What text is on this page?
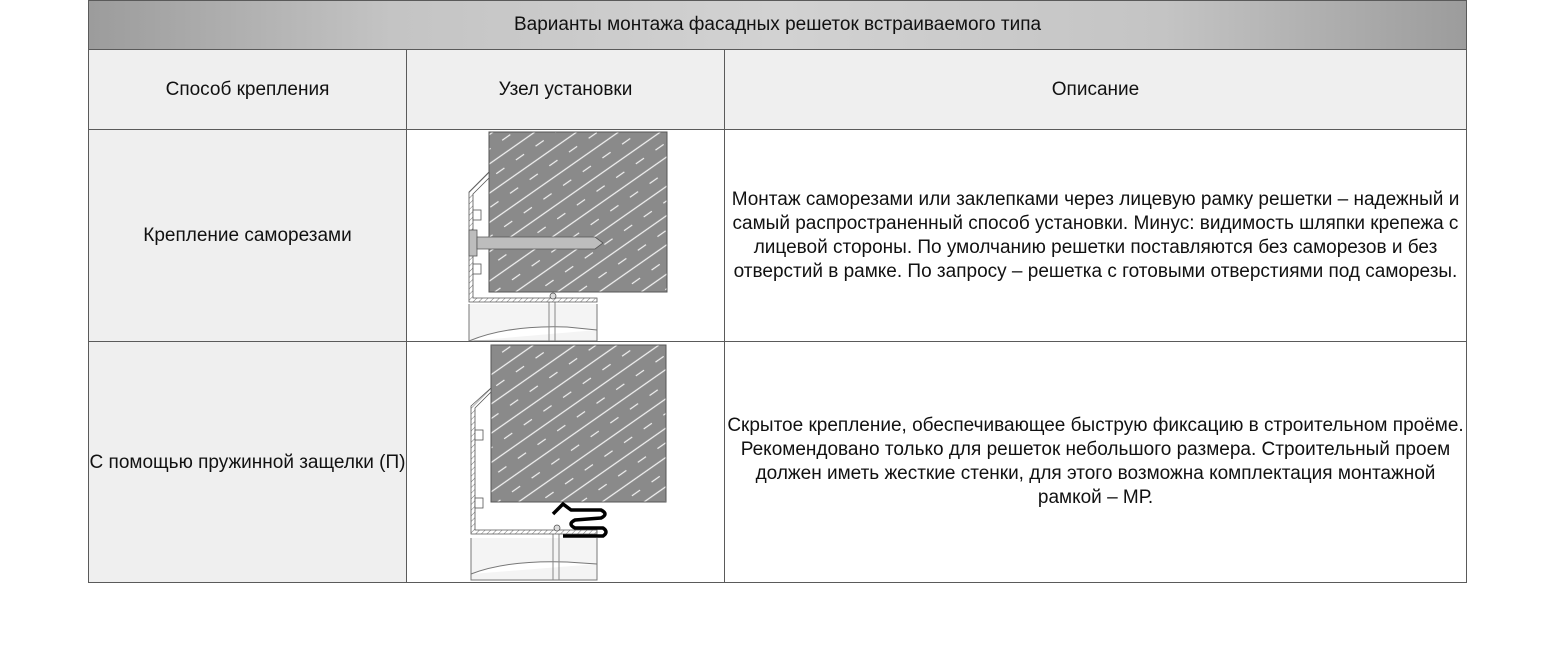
Варианты монтажа фасадных решеток встраиваемого типа		
Способ крепления	Узел установки	Описание
Крепление саморезами		Монтаж саморезами или заклепками через лицевую рамку решетки – надежный и самый распространенный способ установки. Минус: видимость шляпки крепежа с лицевой стороны. По умолчанию решетки поставляются без саморезов и без отверстий в рамке. По запросу – решетка с готовыми отверстиями под саморезы.
С помощью пружинной защелки (П)		Скрытое крепление, обеспечивающее быструю фиксацию в строительном проёме. Рекомендовано только для решеток небольшого размера. Строительный проем должен иметь жесткие стенки, для этого возможна комплектация монтажной рамкой – МР.
